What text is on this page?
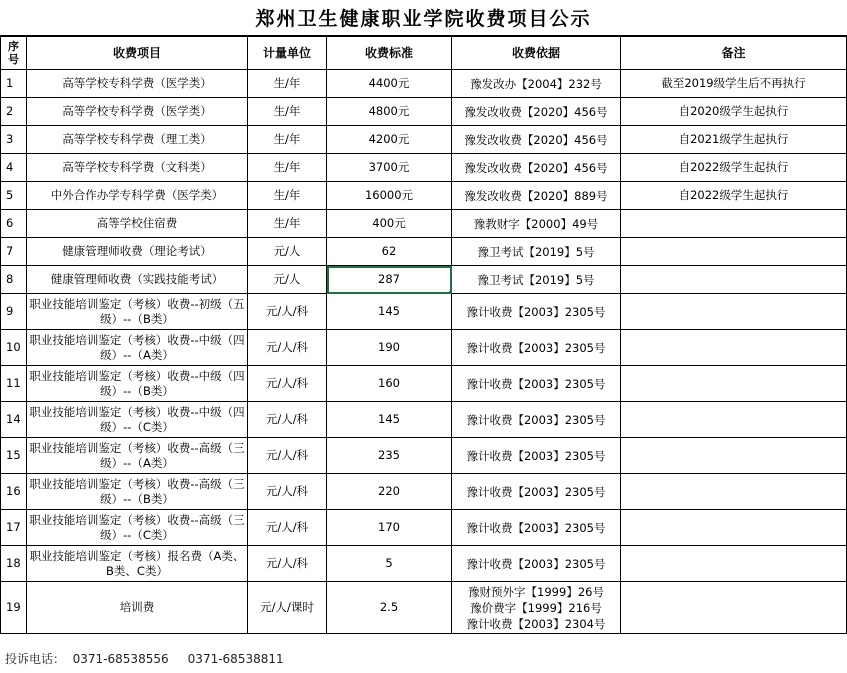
郑州卫生健康职业学院收费项目公示
序号	收费项目	计量单位	收费标准	收费依据	备注
1	高等学校专科学费（医学类）	生/年	4400元	豫发改办【2004】232号	截至2019级学生后不再执行
2	高等学校专科学费（医学类）	生/年	4800元	豫发改收费【2020】456号	自2020级学生起执行
3	高等学校专科学费（理工类）	生/年	4200元	豫发改收费【2020】456号	自2021级学生起执行
4	高等学校专科学费（文科类）	生/年	3700元	豫发改收费【2020】456号	自2022级学生起执行
5	中外合作办学专科学费（医学类）	生/年	16000元	豫发改收费【2020】889号	自2022级学生起执行
6	高等学校住宿费	生/年	400元	豫教财字【2000】49号	

7	健康管理师收费（理论考试）	元/人	62	豫卫考试【2019】5号	

8	健康管理师收费（实践技能考试）	元/人	287	豫卫考试【2019】5号	

9	职业技能培训鉴定（考核）收费--初级（五级）--（B类）	元/人/科	145	豫计收费【2003】2305号	

10	职业技能培训鉴定（考核）收费--中级（四级）--（A类）	元/人/科	190	豫计收费【2003】2305号	

11	职业技能培训鉴定（考核）收费--中级（四级）--（B类）	元/人/科	160	豫计收费【2003】2305号	

14	职业技能培训鉴定（考核）收费--中级（四级）--（C类）	元/人/科	145	豫计收费【2003】2305号	

15	职业技能培训鉴定（考核）收费--高级（三级）--（A类）	元/人/科	235	豫计收费【2003】2305号	

16	职业技能培训鉴定（考核）收费--高级（三级）--（B类）	元/人/科	220	豫计收费【2003】2305号	

17	职业技能培训鉴定（考核）收费--高级（三级）--（C类）	元/人/科	170	豫计收费【2003】2305号	

18	职业技能培训鉴定（考核）报名费（A类、B类、C类）	元/人/科	5	豫计收费【2003】2305号	

19	培训费	元/人/课时	2.5	豫财预外字【1999】26号
豫价费字【1999】216号
豫计收费【2003】2304号	

投诉电话： 0371-68538556     0371-68538811
